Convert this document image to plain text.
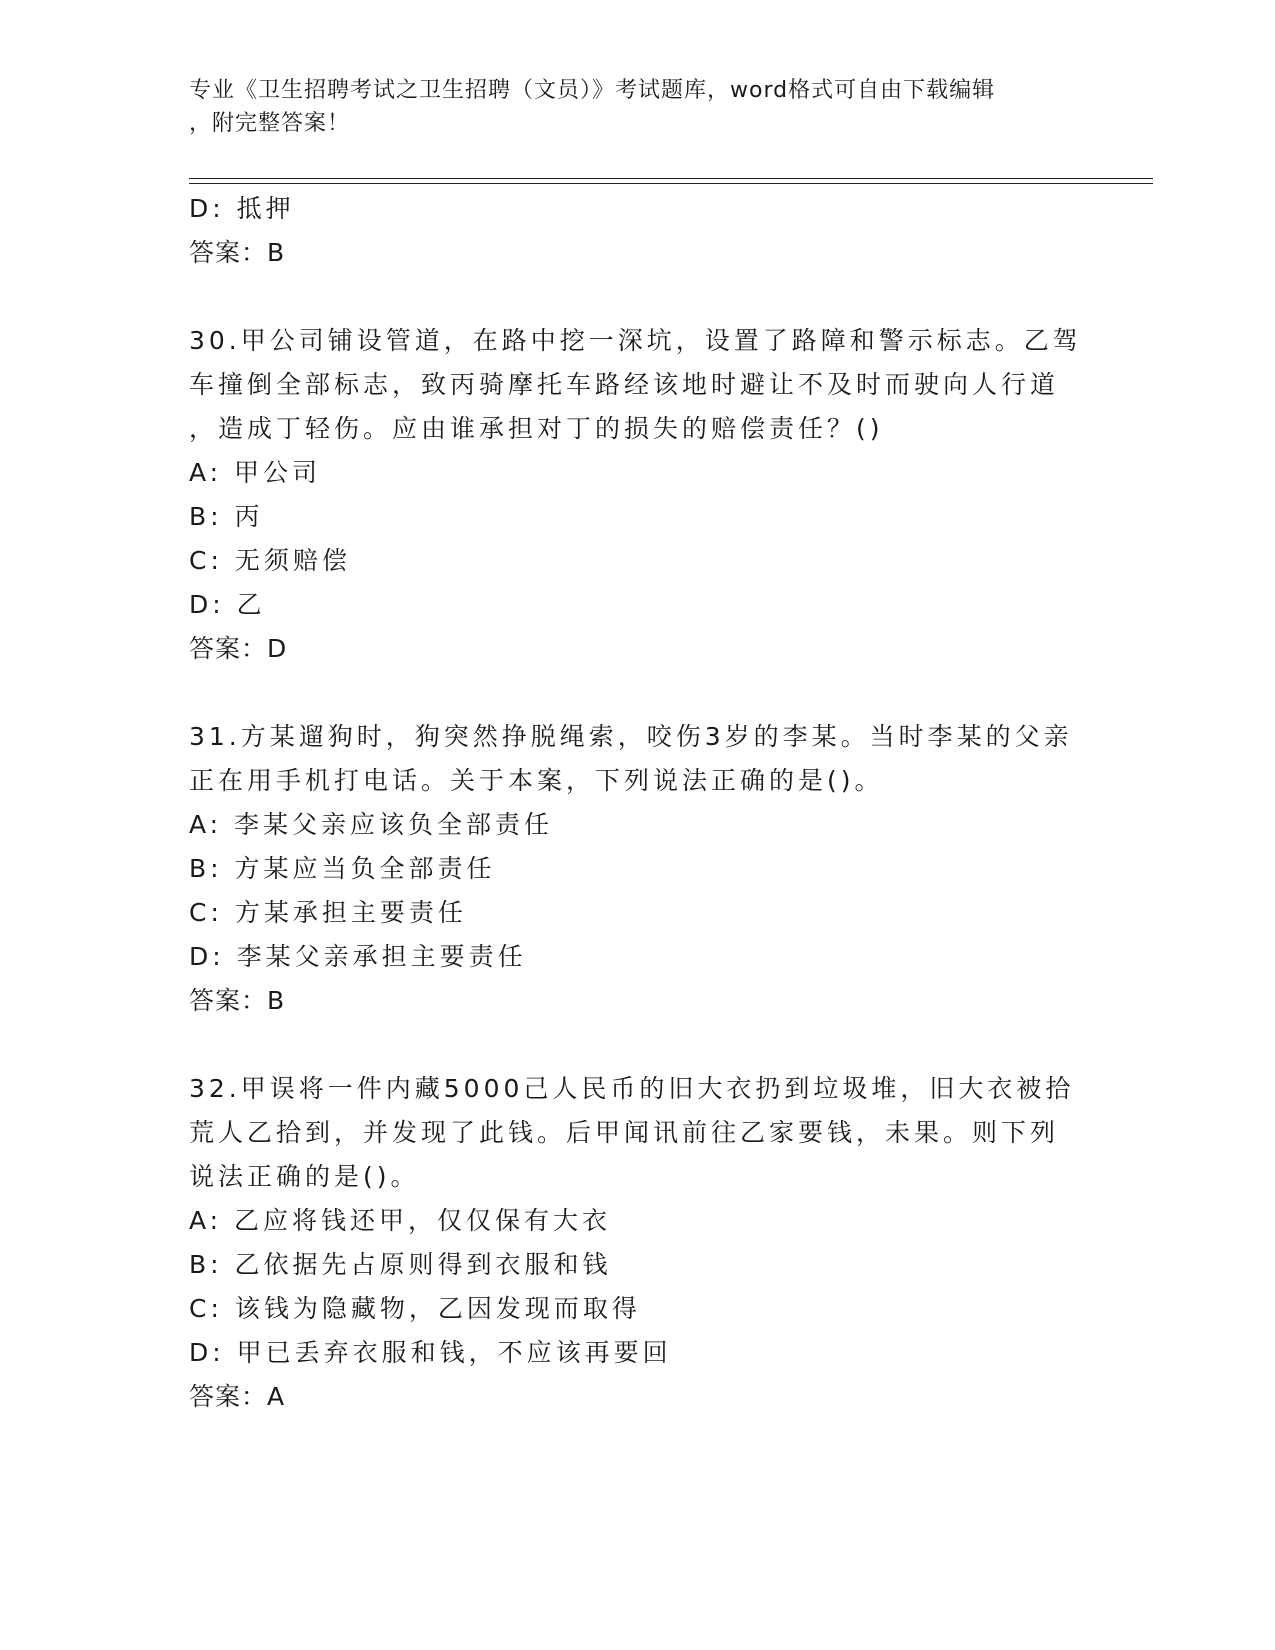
专业《卫生招聘考试之卫生招聘（文员）》考试题库，word格式可自由下载编辑
，附完整答案！
D: 抵押
答案：B
30.甲公司铺设管道，在路中挖一深坑，设置了路障和警示标志。乙驾
车撞倒全部标志，致丙骑摩托车路经该地时避让不及时而驶向人行道
，造成丁轻伤。应由谁承担对丁的损失的赔偿责任？()
A: 甲公司
B: 丙
C: 无须赔偿
D: 乙
答案：D
31.方某遛狗时，狗突然挣脱绳索，咬伤3岁的李某。当时李某的父亲
正在用手机打电话。关于本案，下列说法正确的是()。
A: 李某父亲应该负全部责任
B: 方某应当负全部责任
C: 方某承担主要责任
D: 李某父亲承担主要责任
答案：B
32.甲误将一件内藏5000己人民币的旧大衣扔到垃圾堆，旧大衣被拾
荒人乙拾到，并发现了此钱。后甲闻讯前往乙家要钱，未果。则下列
说法正确的是()。
A: 乙应将钱还甲，仅仅保有大衣
B: 乙依据先占原则得到衣服和钱
C: 该钱为隐藏物，乙因发现而取得
D: 甲已丢弃衣服和钱，不应该再要回
答案：A
